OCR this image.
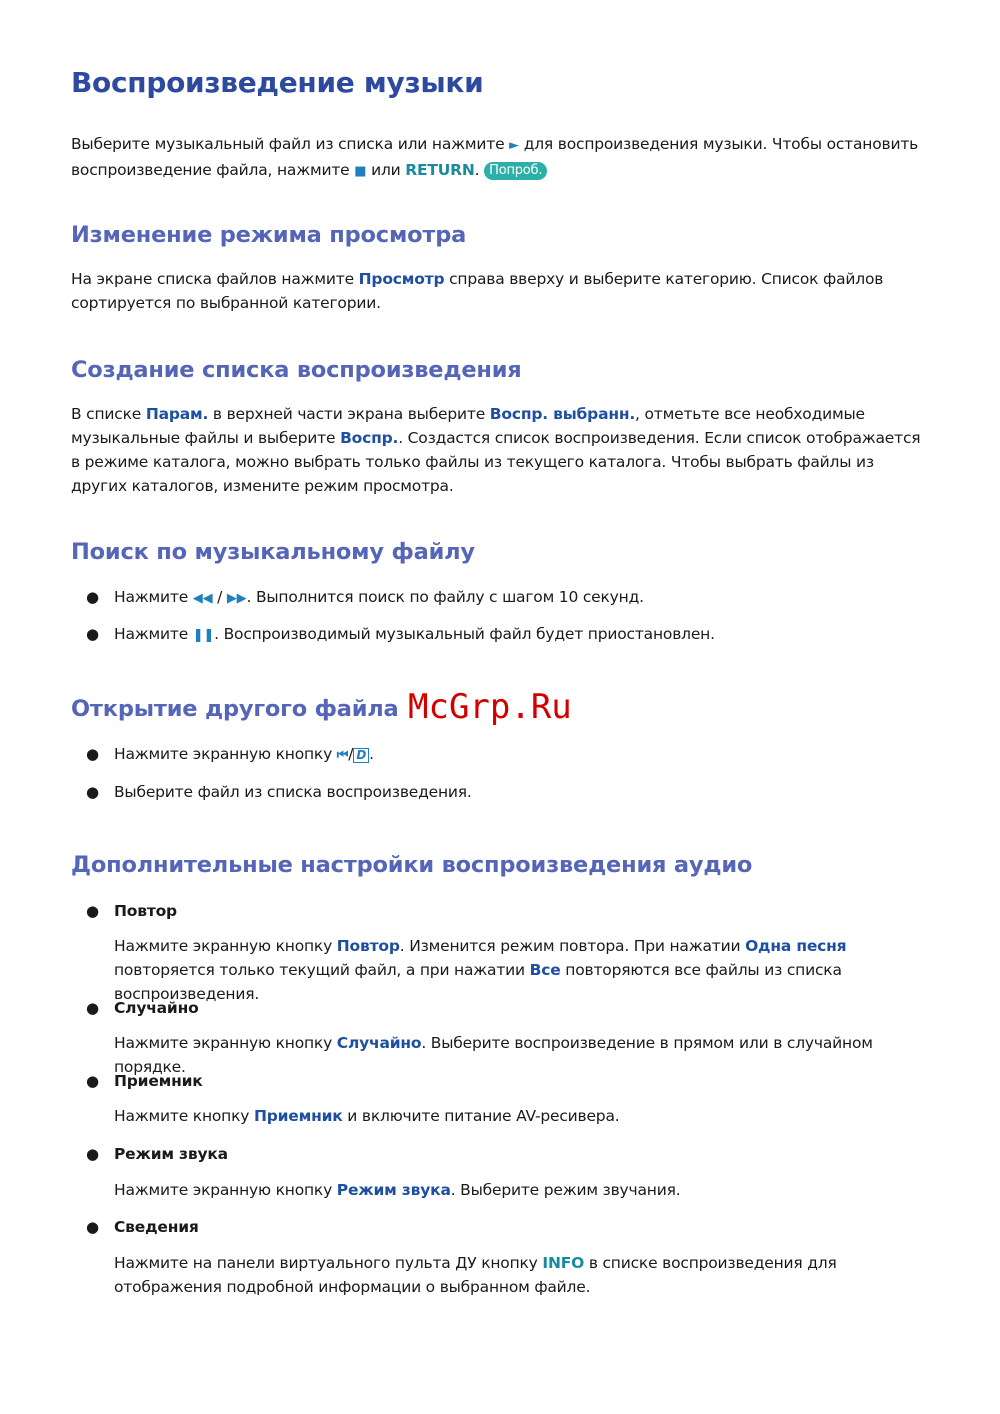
Воспроизведение музыки

Выберите музыкальный файл из списка или нажмите ► для воспроизведения музыки. Чтобы остановить воспроизведение файла, нажмите ■ или RETURN. Попроб.

Изменение режима просмотра

На экране списка файлов нажмите Просмотр справа вверху и выберите категорию. Список файлов сортируется по выбранной категории.

Создание списка воспроизведения

В списке Парам. в верхней части экрана выберите Воспр. выбранн., отметьте все необходимые музыкальные файлы и выберите Воспр.. Создастся список воспроизведения. Если список отображается в режиме каталога, можно выбрать только файлы из текущего каталога. Чтобы выбрать файлы из других каталогов, измените режим просмотра.

Поиск по музыкальному файлу
● Нажмите ◀◀ / ▶▶. Выполнится поиск по файлу с шагом 10 секунд.
● Нажмите ❚❚. Воспроизводимый музыкальный файл будет приостановлен.
Открытие другого файла
● Нажмите экранную кнопку ⏮/ D .
● Выберите файл из списка воспроизведения.
Дополнительные настройки воспроизведения аудио
● Повтор

Нажмите экранную кнопку Повтор. Изменится режим повтора. При нажатии Одна песня повторяется только текущий файл, а при нажатии Все повторяются все файлы из списка воспроизведения.

● Случайно

Нажмите экранную кнопку Случайно. Выберите воспроизведение в прямом или в случайном порядке.

● Приемник

Нажмите кнопку Приемник и включите питание AV-ресивера.

● Режим звука

Нажмите экранную кнопку Режим звука. Выберите режим звучания.

● Сведения

Нажмите на панели виртуального пульта ДУ кнопку INFO в списке воспроизведения для отображения подробной информации о выбранном файле.

McGrp.Ru
